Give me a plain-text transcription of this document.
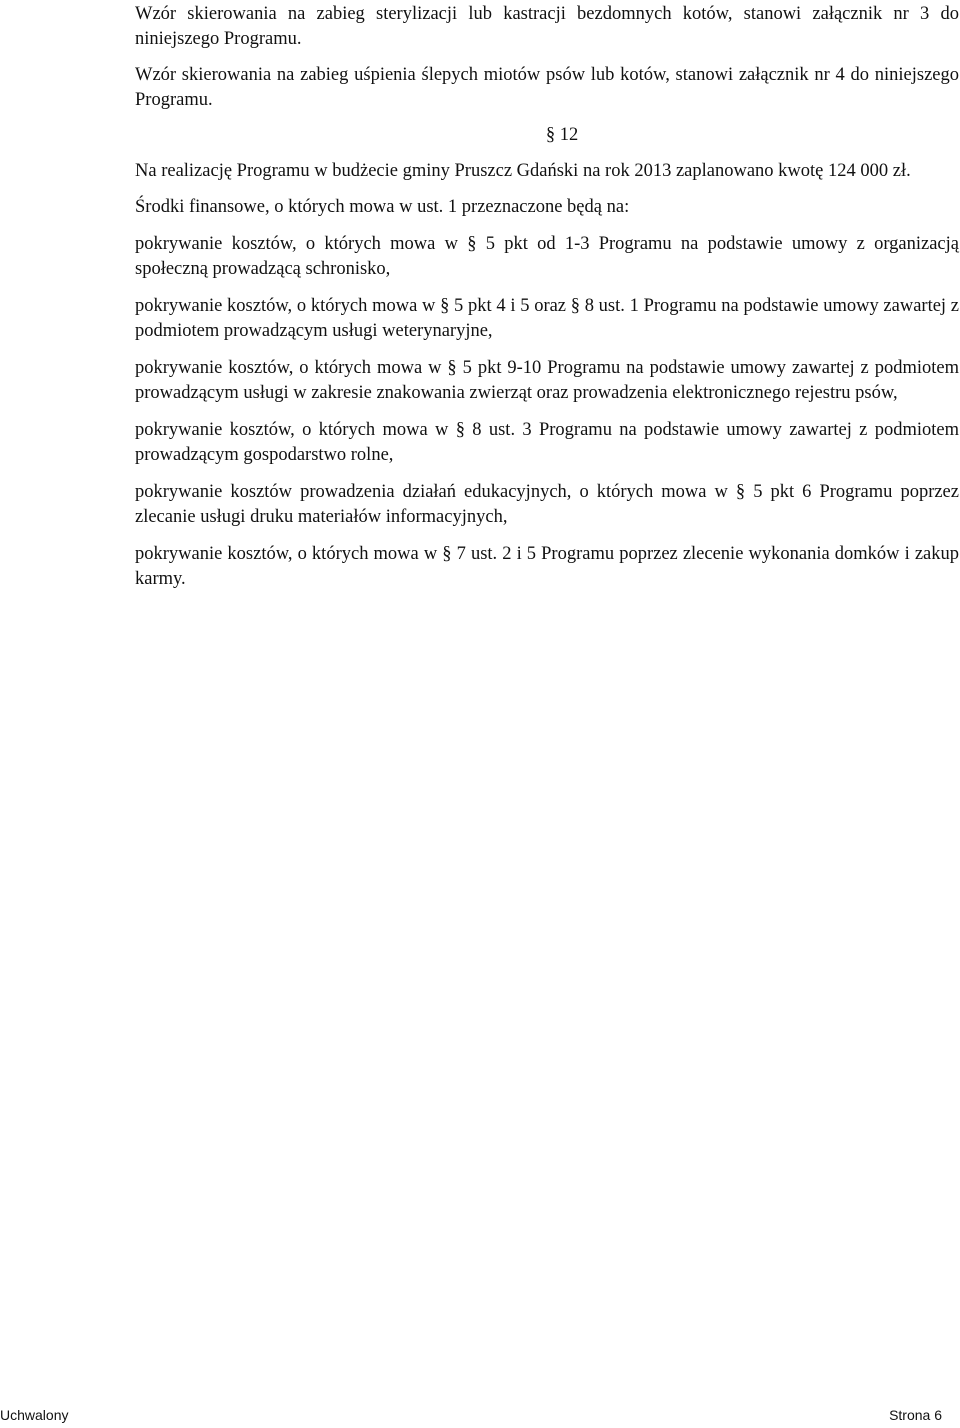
Wzór skierowania na zabieg sterylizacji lub kastracji bezdomnych kotów, stanowi załącznik nr 3 do niniejszego Programu.

Wzór skierowania na zabieg uśpienia ślepych miotów psów lub kotów, stanowi załącznik nr 4 do niniejszego Programu.

§ 12

Na realizację Programu w budżecie gminy Pruszcz Gdański na rok 2013 zaplanowano kwotę 124 000 zł.

Środki finansowe, o których mowa w ust. 1 przeznaczone będą na:

pokrywanie kosztów, o których mowa w § 5 pkt od 1-3 Programu na podstawie umowy z organizacją społeczną prowadzącą schronisko,

pokrywanie kosztów, o których mowa w § 5 pkt 4 i 5 oraz § 8 ust. 1 Programu na podstawie umowy zawartej z podmiotem prowadzącym usługi weterynaryjne,

pokrywanie kosztów, o których mowa w § 5 pkt 9-10 Programu na podstawie umowy zawartej z podmiotem prowadzącym usługi w zakresie znakowania zwierząt oraz prowadzenia elektronicznego rejestru psów,

pokrywanie kosztów, o których mowa w § 8 ust. 3 Programu na podstawie umowy zawartej z podmiotem prowadzącym gospodarstwo rolne,

pokrywanie kosztów prowadzenia działań edukacyjnych, o których mowa w § 5 pkt 6 Programu poprzez zlecanie usługi druku materiałów informacyjnych,

pokrywanie kosztów, o których mowa w § 7 ust. 2 i 5 Programu poprzez zlecenie wykonania domków i zakup karmy.

Uchwalony	Strona 6
